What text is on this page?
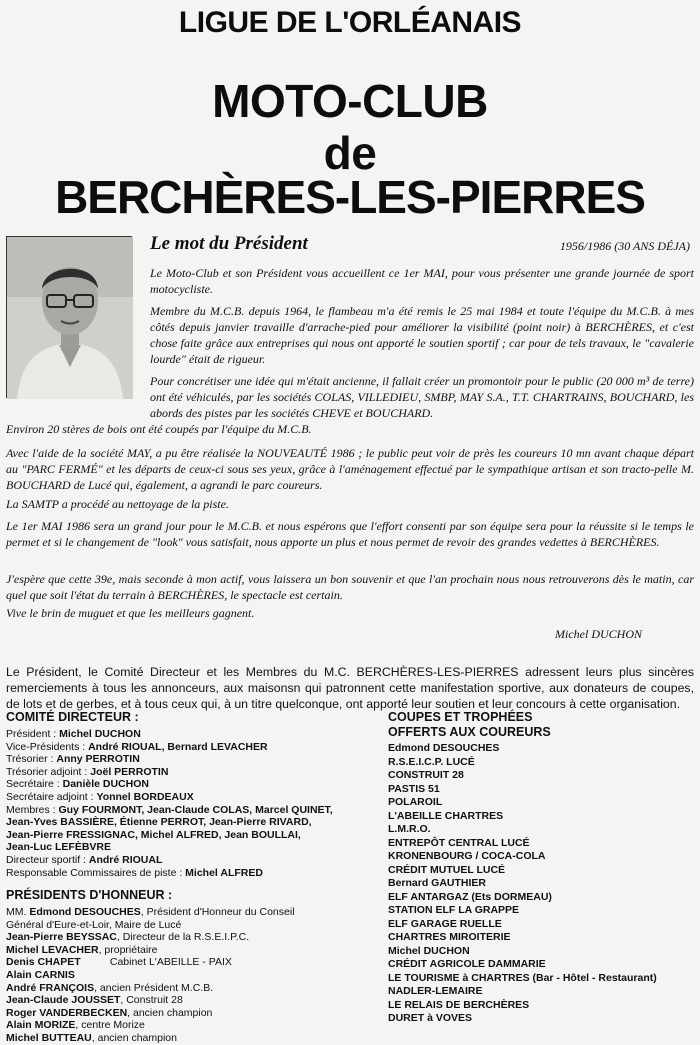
LIGUE DE L'ORLÉANAIS
MOTO-CLUB
de
BERCHÈRES-LES-PIERRES
Le mot du Président	1956/1986 (30 ANS DÉJA)
Le Moto-Club et son Président vous accueillent ce 1er MAI, pour vous présenter une grande journée de sport motocycliste.
Membre du M.C.B. depuis 1964, le flambeau m'a été remis le 25 mai 1984 et toute l'équipe du M.C.B. à mes côtés depuis janvier travaille d'arrache-pied pour améliorer la visibilité (point noir) à BERCHÈRES, et c'est chose faite grâce aux entreprises qui nous ont apporté le soutien sportif ; car pour de tels travaux, le "cavalerie lourde" était de rigueur.
Pour concrétiser une idée qui m'était ancienne, il fallait créer un promontoir pour le public (20 000 m³ de terre) ont été véhiculés, par les sociétés COLAS, VILLEDIEU, SMBP, MAY S.A., T.T. CHARTRAINS, BOUCHARD, les abords des pistes par les sociétés CHEVE et BOUCHARD.
Environ 20 stères de bois ont été coupés par l'équipe du M.C.B.
Avec l'aide de la société MAY, a pu être réalisée la NOUVEAUTÉ 1986 ; le public peut voir de près les coureurs 10 mn avant chaque départ au "PARC FERMÉ" et les départs de ceux-ci sous ses yeux, grâce à l'aménagement effectué par le sympathique artisan et son tracto-pelle M. BOUCHARD de Lucé qui, également, a agrandi le parc coureurs.
La SAMTP a procédé au nettoyage de la piste.
Le 1er MAI 1986 sera un grand jour pour le M.C.B. et nous espérons que l'effort consenti par son équipe sera pour la réussite si le temps le permet et si le changement de "look" vous satisfait, nous apporte un plus et nous permet de revoir des grandes vedettes à BERCHÈRES.
J'espère que cette 39e, mais seconde à mon actif, vous laissera un bon souvenir et que l'an prochain nous nous retrouverons dès le matin, car quel que soit l'état du terrain à BERCHÈRES, le spectacle est certain.
Vive le brin de muguet et que les meilleurs gagnent.
Michel DUCHON
Le Président, le Comité Directeur et les Membres du M.C. BERCHÈRES-LES-PIERRES adressent leurs plus sincères remerciements à tous les annonceurs, aux maisonsn qui patronnent cette manifestation sportive, aux donateurs de coupes, de lots et de gerbes, et à tous ceux qui, à un titre quelconque, ont apporté leur soutien et leur concours à cette organisation.
COMITÉ DIRECTEUR :
Président : Michel DUCHON
Vice-Présidents : André RIOUAL, Bernard LEVACHER
Trésorier : Anny PERROTIN
Trésorier adjoint : Joël PERROTIN
Secrétaire : Danièle DUCHON
Secrétaire adjoint : Yonnel BORDEAUX
Membres : Guy FOURMONT, Jean-Claude COLAS, Marcel QUINET,
Jean-Yves BASSIÈRE, Étienne PERROT, Jean-Pierre RIVARD,
Jean-Pierre FRESSIGNAC, Michel ALFRED, Jean BOULLAI,
Jean-Luc LEFÈBVRE
Directeur sportif : André RIOUAL
Responsable Commissaires de piste : Michel ALFRED
PRÉSIDENTS D'HONNEUR :
MM. Edmond DESOUCHES, Président d'Honneur du Conseil
Général d'Eure-et-Loir, Maire de Lucé
Jean-Pierre BEYSSAC, Directeur de la R.S.E.I.P.C.
Michel LEVACHER, propriétaire
Denis CHAPET          Cabinet L'ABEILLE - PAIX
Alain CARNIS
André FRANÇOIS, ancien Président M.C.B.
Jean-Claude JOUSSET, Construit 28
Roger VANDERBECKEN, ancien champion
Alain MORIZE, centre Morize
Michel BUTTEAU, ancien champion
COUPES ET TROPHÉES
OFFERTS AUX COUREURS
Edmond DESOUCHES
R.S.E.I.C.P. LUCÉ
CONSTRUIT 28
PASTIS 51
POLAROIL
L'ABEILLE CHARTRES
L.M.R.O.
ENTREPÔT CENTRAL LUCÉ
KRONENBOURG / COCA-COLA
CRÉDIT MUTUEL LUCÉ
Bernard GAUTHIER
ELF ANTARGAZ (Ets DORMEAU)
STATION ELF LA GRAPPE
ELF GARAGE RUELLE
CHARTRES MIROITERIE
Michel DUCHON
CRÉDIT AGRICOLE DAMMARIE
LE TOURISME à CHARTRES (Bar - Hôtel - Restaurant)
NADLER-LEMAIRE
LE RELAIS DE BERCHÈRES
DURET à VOVES
